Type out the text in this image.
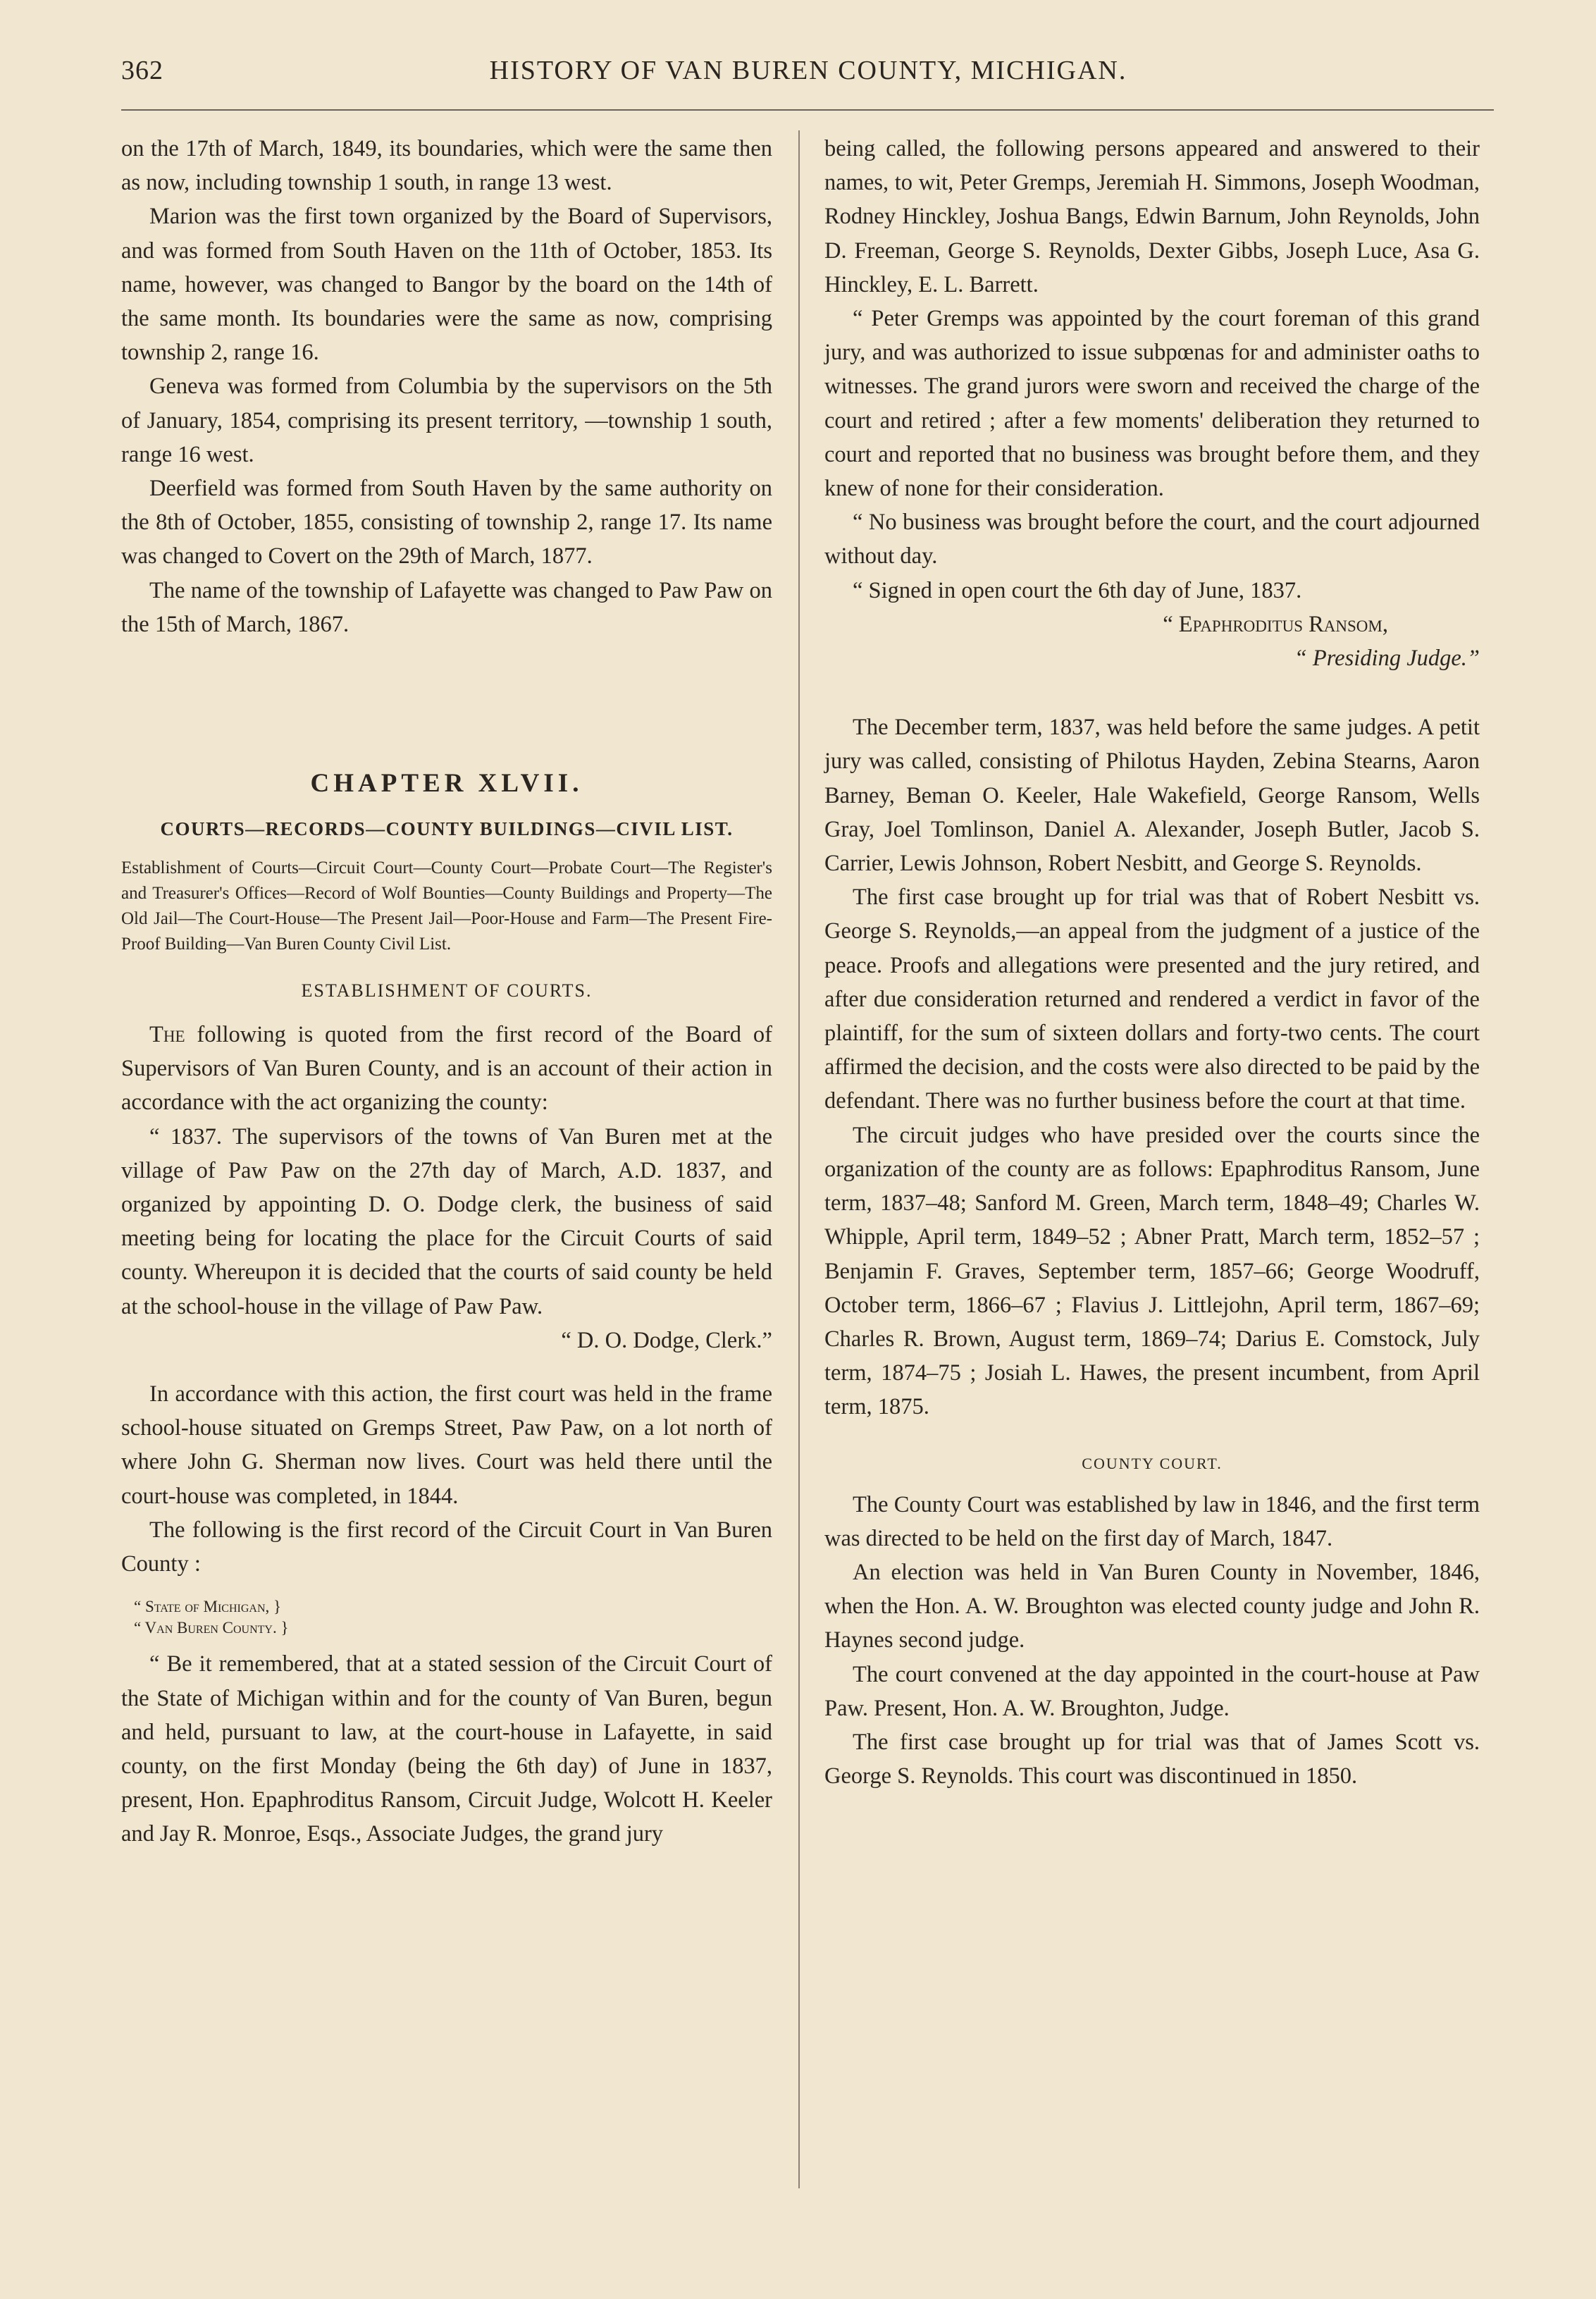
362	HISTORY OF VAN BUREN COUNTY, MICHIGAN.

on the 17th of March, 1849, its boundaries, which were the same then as now, including township 1 south, in range 13 west.

Marion was the first town organized by the Board of Supervisors, and was formed from South Haven on the 11th of October, 1853. Its name, however, was changed to Bangor by the board on the 14th of the same month. Its boundaries were the same as now, comprising township 2, range 16.

Geneva was formed from Columbia by the supervisors on the 5th of January, 1854, comprising its present territory, —township 1 south, range 16 west.

Deerfield was formed from South Haven by the same authority on the 8th of October, 1855, consisting of township 2, range 17. Its name was changed to Covert on the 29th of March, 1877.

The name of the township of Lafayette was changed to Paw Paw on the 15th of March, 1867.

CHAPTER XLVII.
COURTS—RECORDS—COUNTY BUILDINGS—CIVIL LIST.

Establishment of Courts—Circuit Court—County Court—Probate Court—The Register's and Treasurer's Offices—Record of Wolf Bounties—County Buildings and Property—The Old Jail—The Court-House—The Present Jail—Poor-House and Farm—The Present Fire-Proof Building—Van Buren County Civil List.

ESTABLISHMENT OF COURTS.

The following is quoted from the first record of the Board of Supervisors of Van Buren County, and is an account of their action in accordance with the act organizing the county:

“ 1837. The supervisors of the towns of Van Buren met at the village of Paw Paw on the 27th day of March, A.D. 1837, and organized by appointing D. O. Dodge clerk, the business of said meeting being for locating the place for the Circuit Courts of said county. Whereupon it is decided that the courts of said county be held at the school-house in the village of Paw Paw.

“ D. O. Dodge, Clerk.”

In accordance with this action, the first court was held in the frame school-house situated on Gremps Street, Paw Paw, on a lot north of where John G. Sherman now lives. Court was held there until the court-house was completed, in 1844.

The following is the first record of the Circuit Court in Van Buren County :

“ State of Michigan, }
“ Van Buren County. }

“ Be it remembered, that at a stated session of the Circuit Court of the State of Michigan within and for the county of Van Buren, begun and held, pursuant to law, at the court-house in Lafayette, in said county, on the first Monday (being the 6th day) of June in 1837, present, Hon. Epaphroditus Ransom, Circuit Judge, Wolcott H. Keeler and Jay R. Monroe, Esqs., Associate Judges, the grand jury

being called, the following persons appeared and answered to their names, to wit, Peter Gremps, Jeremiah H. Simmons, Joseph Woodman, Rodney Hinckley, Joshua Bangs, Edwin Barnum, John Reynolds, John D. Freeman, George S. Reynolds, Dexter Gibbs, Joseph Luce, Asa G. Hinckley, E. L. Barrett.

“ Peter Gremps was appointed by the court foreman of this grand jury, and was authorized to issue subpœnas for and administer oaths to witnesses. The grand jurors were sworn and received the charge of the court and retired ; after a few moments' deliberation they returned to court and reported that no business was brought before them, and they knew of none for their consideration.

“ No business was brought before the court, and the court adjourned without day.

“ Signed in open court the 6th day of June, 1837.

“ Epaphroditus Ransom,

“ Presiding Judge.”

The December term, 1837, was held before the same judges. A petit jury was called, consisting of Philotus Hayden, Zebina Stearns, Aaron Barney, Beman O. Keeler, Hale Wakefield, George Ransom, Wells Gray, Joel Tomlinson, Daniel A. Alexander, Joseph Butler, Jacob S. Carrier, Lewis Johnson, Robert Nesbitt, and George S. Reynolds.

The first case brought up for trial was that of Robert Nesbitt vs. George S. Reynolds,—an appeal from the judgment of a justice of the peace. Proofs and allegations were presented and the jury retired, and after due consideration returned and rendered a verdict in favor of the plaintiff, for the sum of sixteen dollars and forty-two cents. The court affirmed the decision, and the costs were also directed to be paid by the defendant. There was no further business before the court at that time.

The circuit judges who have presided over the courts since the organization of the county are as follows: Epaphroditus Ransom, June term, 1837–48; Sanford M. Green, March term, 1848–49; Charles W. Whipple, April term, 1849–52 ; Abner Pratt, March term, 1852–57 ; Benjamin F. Graves, September term, 1857–66; George Woodruff, October term, 1866–67 ; Flavius J. Littlejohn, April term, 1867–69; Charles R. Brown, August term, 1869–74; Darius E. Comstock, July term, 1874–75 ; Josiah L. Hawes, the present incumbent, from April term, 1875.

COUNTY COURT.

The County Court was established by law in 1846, and the first term was directed to be held on the first day of March, 1847.

An election was held in Van Buren County in November, 1846, when the Hon. A. W. Broughton was elected county judge and John R. Haynes second judge.

The court convened at the day appointed in the court-house at Paw Paw. Present, Hon. A. W. Broughton, Judge.

The first case brought up for trial was that of James Scott vs. George S. Reynolds. This court was discontinued in 1850.
